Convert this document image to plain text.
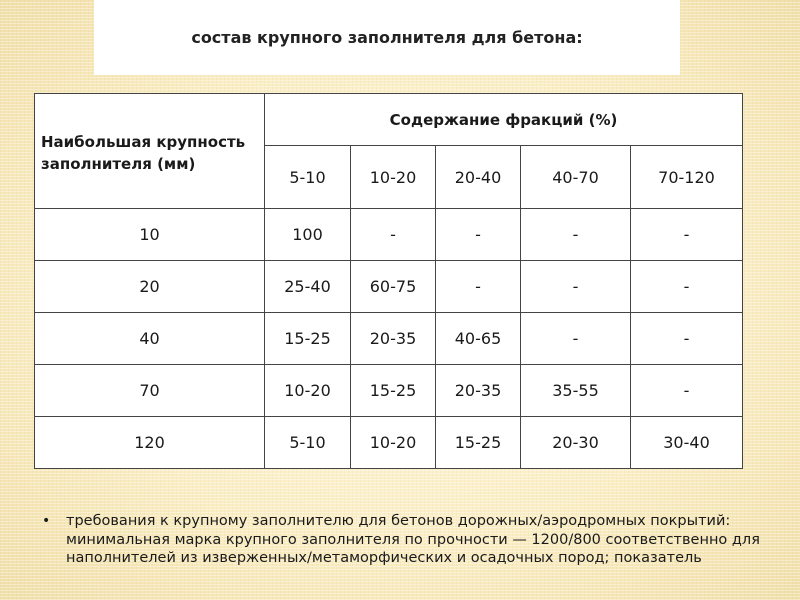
состав крупного заполнителя для бетона:
Наибольшая крупность заполнителя (мм)	Содержание фракций (%)				
	5-10	10-20	20-40	40-70	70-120
10	100	-	-	-	-
20	25-40	60-75	-	-	-
40	15-25	20-35	40-65	-	-
70	10-20	15-25	20-35	35-55	-
120	5-10	10-20	15-25	20-30	30-40
• требования к крупному заполнителю для бетонов дорожных/аэродромных покрытий: минимальная марка крупного заполнителя по прочности — 1200/800 соответственно для наполнителей из изверженных/метаморфических и осадочных пород; показатель
